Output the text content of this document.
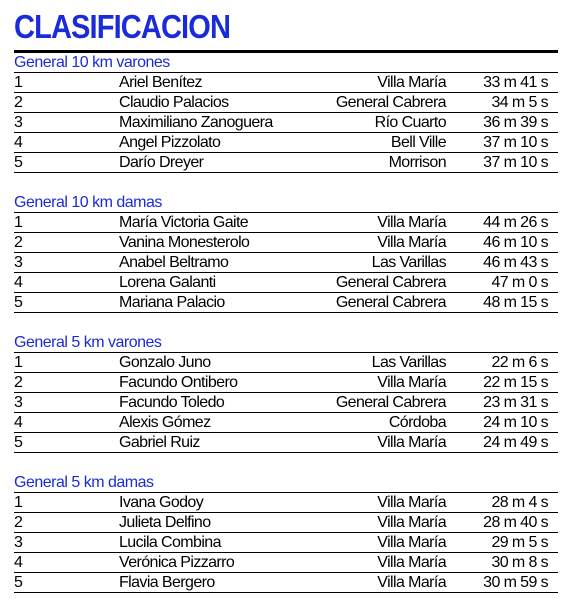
CLASIFICACION
General 10 km varones
1	Ariel Benítez	Villa María	33 m 41 s
2	Claudio Palacios	General Cabrera	34 m 5 s
3	Maximiliano Zanoguera	Río Cuarto	36 m 39 s
4	Angel Pizzolato	Bell Ville	37 m 10 s
5	Darío Dreyer	Morrison	37 m 10 s
General 10 km damas
1	María Victoria Gaite	Villa María	44 m 26 s
2	Vanina Monesterolo	Villa María	46 m 10 s
3	Anabel Beltramo	Las Varillas	46 m 43 s
4	Lorena Galanti	General Cabrera	47 m 0 s
5	Mariana Palacio	General Cabrera	48 m 15 s
General 5 km varones
1	Gonzalo Juno	Las Varillas	22 m 6 s
2	Facundo Ontibero	Villa María	22 m 15 s
3	Facundo Toledo	General Cabrera	23 m 31 s
4	Alexis Gómez	Córdoba	24 m 10 s
5	Gabriel Ruiz	Villa María	24 m 49 s
General 5 km damas
1	Ivana Godoy	Villa María	28 m 4 s
2	Julieta Delfino	Villa María	28 m 40 s
3	Lucila Combina	Villa María	29 m 5 s
4	Verónica Pizzarro	Villa María	30 m 8 s
5	Flavia Bergero	Villa María	30 m 59 s
